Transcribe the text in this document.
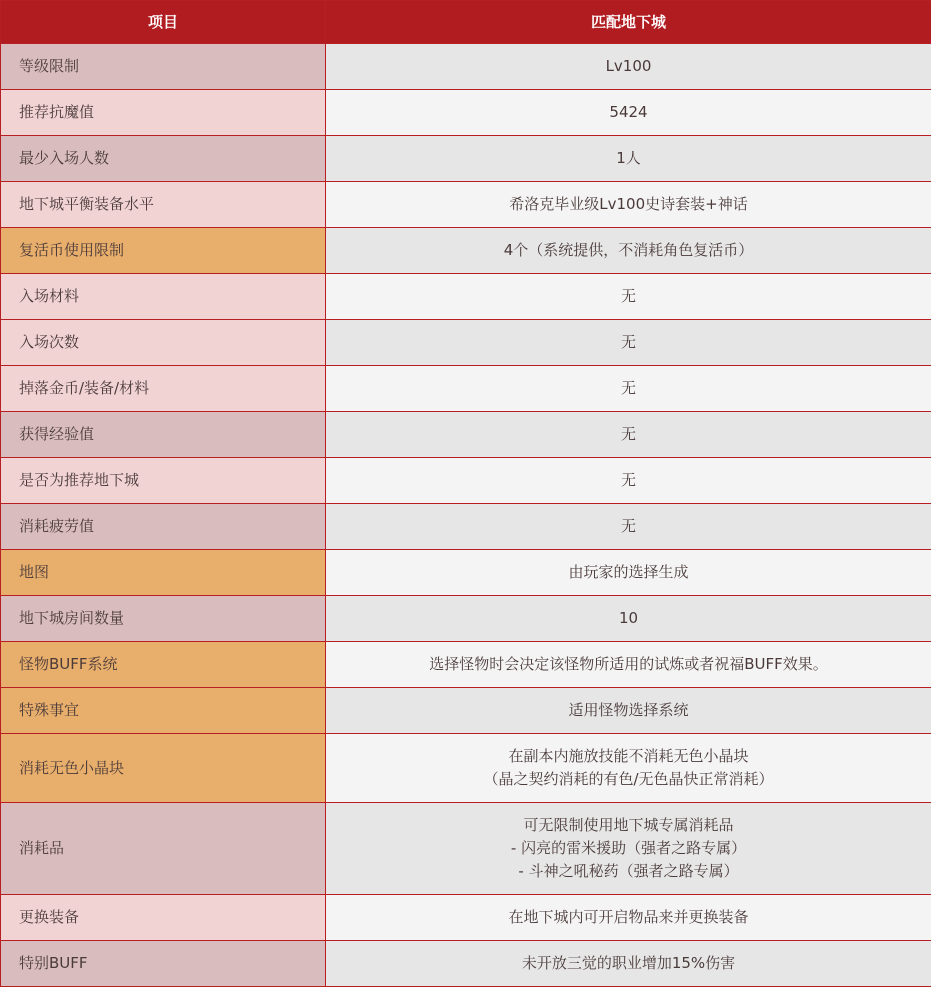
项目	匹配地下城
等级限制	Lv100

推荐抗魔值	5424

最少入场人数	1人

地下城平衡装备水平	希洛克毕业级Lv100史诗套装+神话

复活币使用限制	4个（系统提供，不消耗角色复活币）

入场材料	无

入场次数	无

掉落金币/装备/材料	无

获得经验值	无

是否为推荐地下城	无

消耗疲劳值	无

地图	由玩家的选择生成

地下城房间数量	10

怪物BUFF系统	选择怪物时会决定该怪物所适用的试炼或者祝福BUFF效果。

特殊事宜	适用怪物选择系统

消耗无色小晶块	在副本内施放技能不消耗无色小晶块
（晶之契约消耗的有色/无色晶快正常消耗）

消耗品	可无限制使用地下城专属消耗品
- 闪亮的雷米援助（强者之路专属）
- 斗神之吼秘药（强者之路专属）

更换装备	在地下城内可开启物品来并更换装备

特别BUFF	未开放三觉的职业增加15%伤害
